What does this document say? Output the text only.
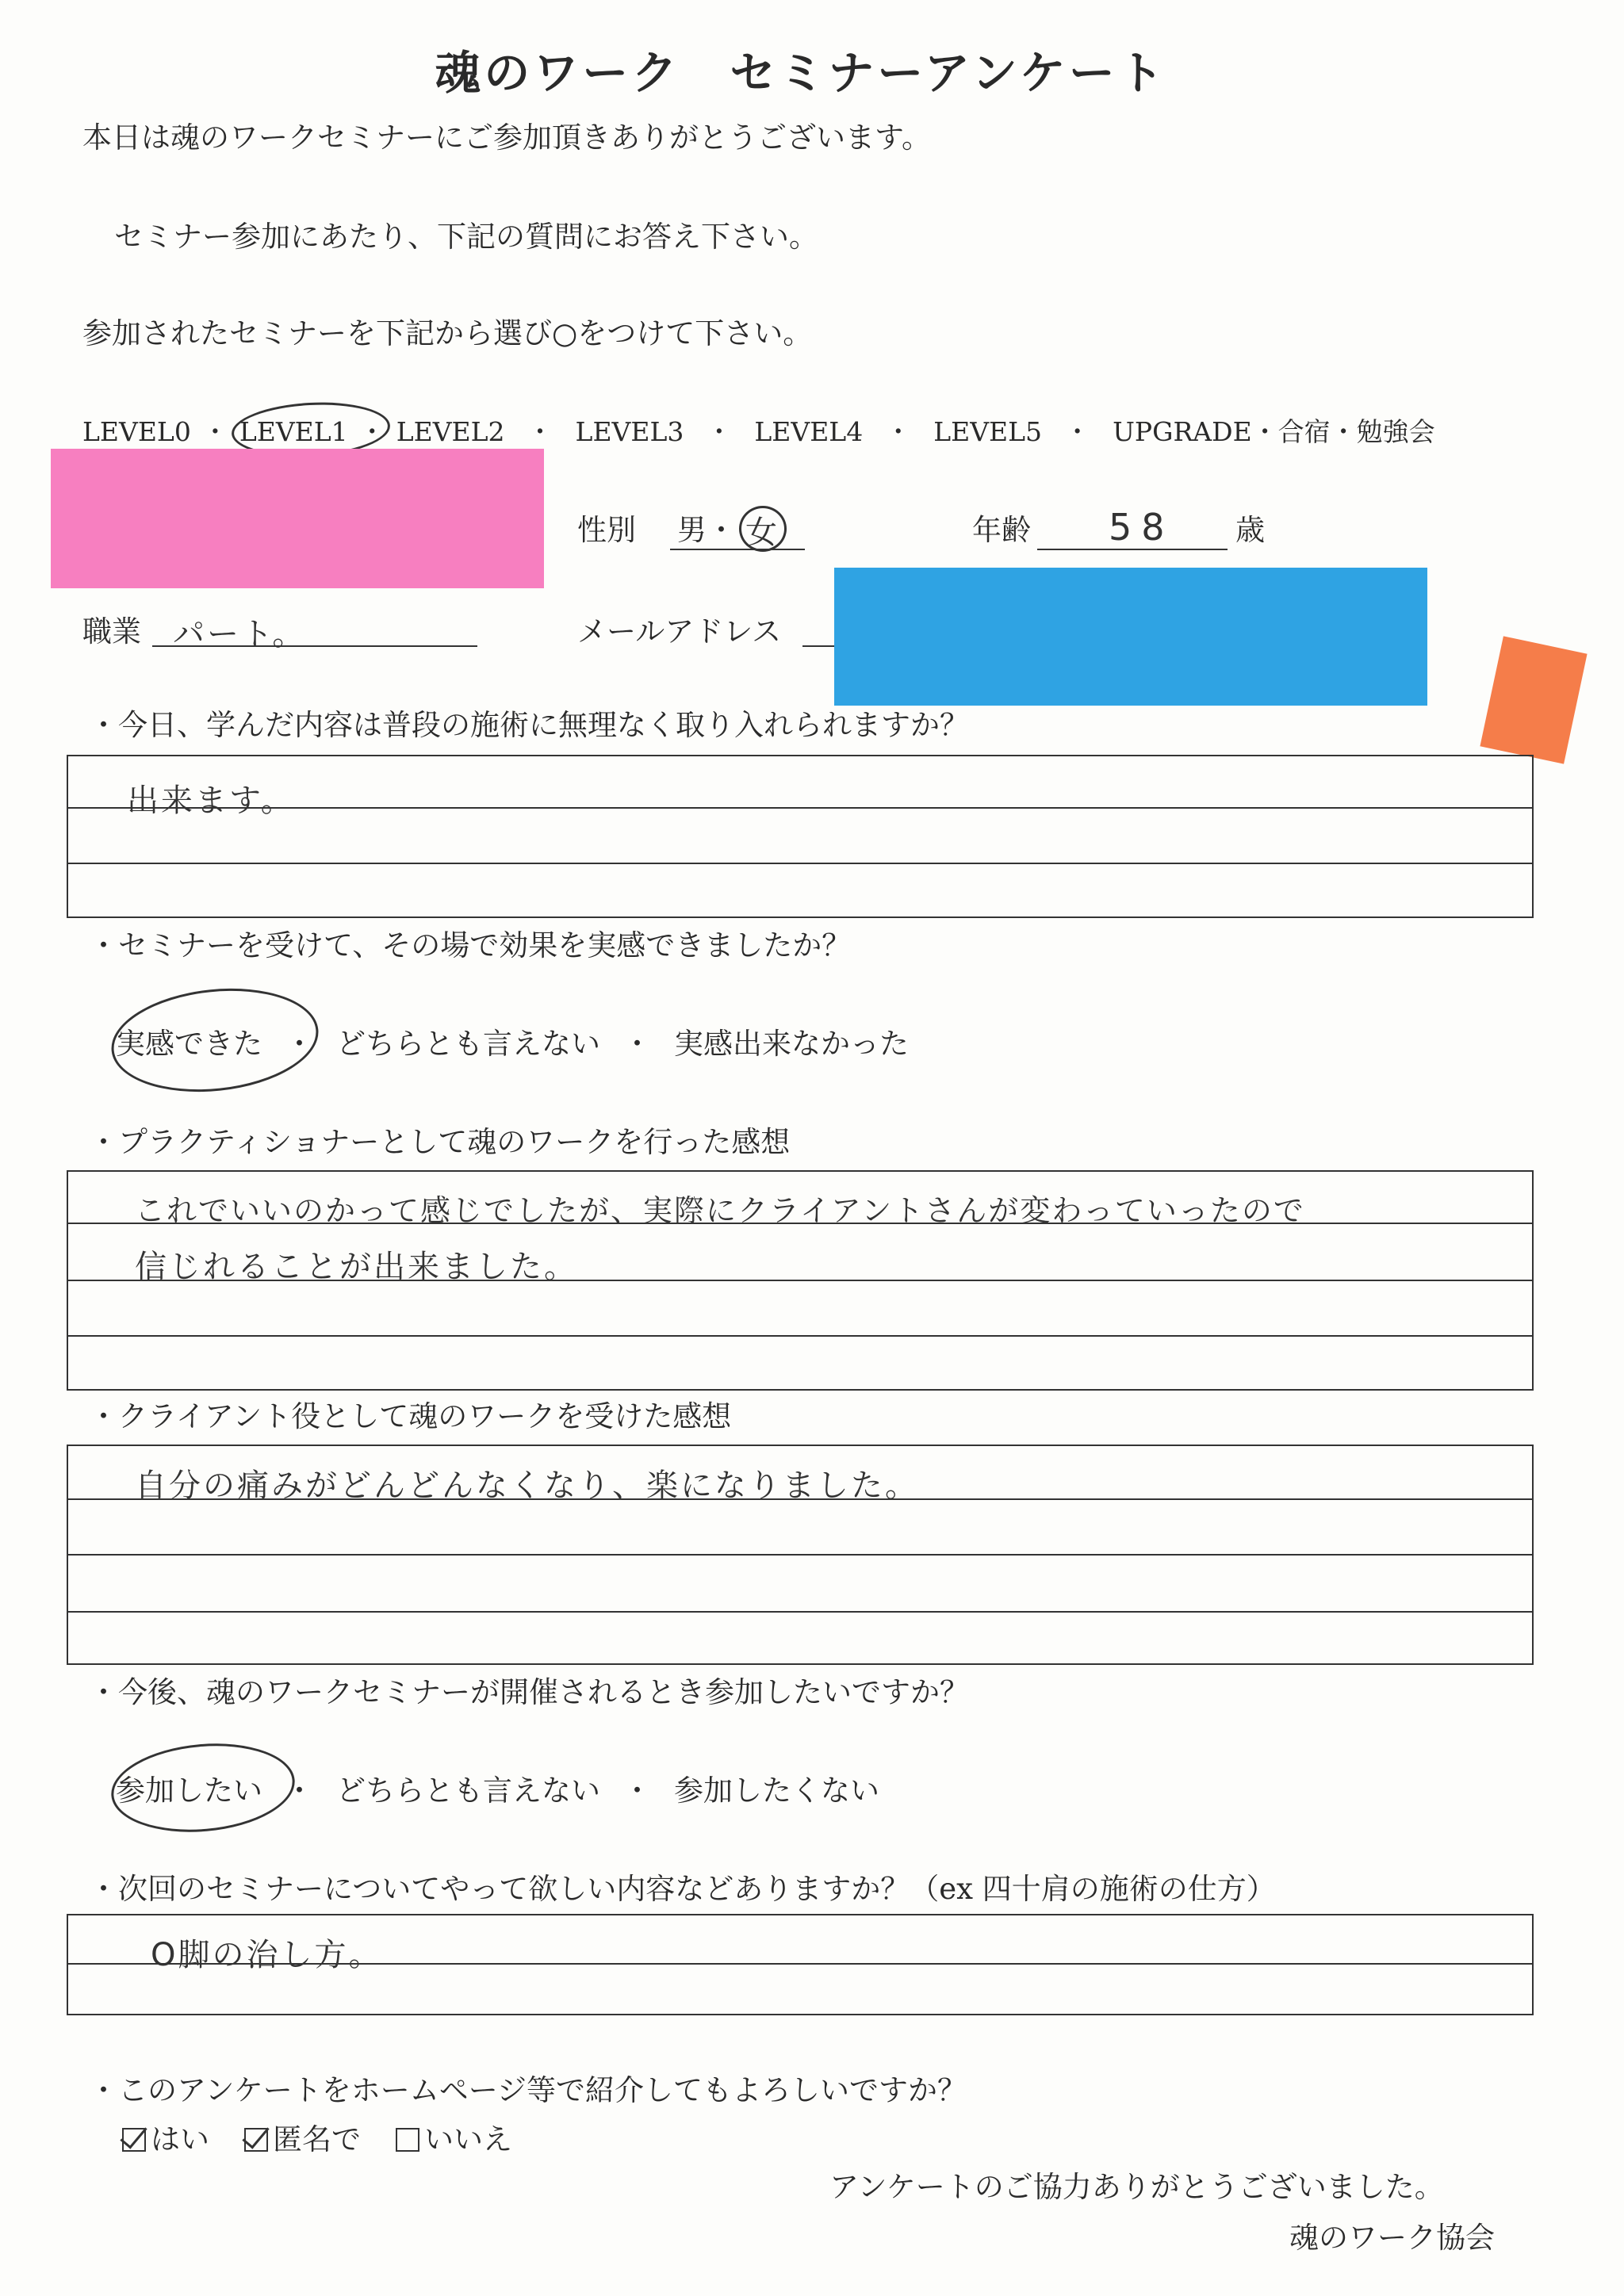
魂のワーク　セミナーアンケート
本日は魂のワークセミナーにご参加頂きありがとうございます。
セミナー参加にあたり、下記の質問にお答え下さい。
参加されたセミナーを下記から選び○をつけて下さい。
LEVEL0 ・ LEVEL1 ・ LEVEL2 ・ LEVEL3 ・ LEVEL4 ・ LEVEL5 ・ UPGRADE・合宿・勉強会
性別 男・ 女	年齢 58 歳
職業 パート。	メールアドレス
・今日、学んだ内容は普段の施術に無理なく取り入れられますか？
出来ます。
・セミナーを受けて、その場で効果を実感できましたか？
実感できた ・ どちらとも言えない ・ 実感出来なかった
・プラクティショナーとして魂のワークを行った感想
これでいいのかって感じでしたが、実際にクライアントさんが変わっていったので
信じれることが出来ました。
・クライアント役として魂のワークを受けた感想
自分の痛みがどんどんなくなり、楽になりました。
・今後、魂のワークセミナーが開催されるとき参加したいですか？
参加したい ・ どちらとも言えない ・ 参加したくない
・次回のセミナーについてやって欲しい内容などありますか？（ex 四十肩の施術の仕方）
O脚の治し方。
・このアンケートをホームページ等で紹介してもよろしいですか？
はい 匿名で いいえ
アンケートのご協力ありがとうございました。
魂のワーク協会
